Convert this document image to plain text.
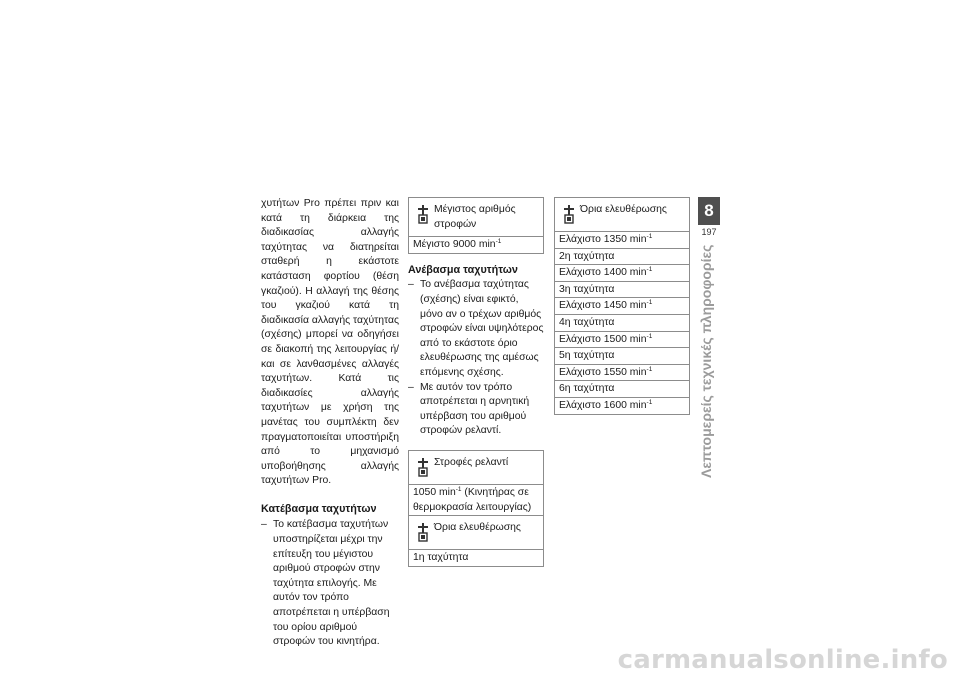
χυτήτων Pro πρέπει πριν και κατά τη διάρκεια της διαδικασίας αλλαγής ταχύτητας να διατηρείται σταθερή η εκάστοτε κατάσταση φορτίου (θέση γκαζιού). Η αλλαγή της θέσης του γκαζιού κατά τη διαδικασία αλλαγής ταχύτητας (σχέσης) μπορεί να οδηγήσει σε διακοπή της λειτουργίας ή/και σε λανθασμένες αλλαγές ταχυτήτων. Κατά τις διαδικασίες αλλαγής ταχυτήτων με χρήση της μανέτας του συμπλέκτη δεν πραγματοποιείται υποστήριξη από το μηχανισμό υποβοήθησης αλλαγής ταχυτήτων Pro.

Κατέβασμα ταχυτήτων
– Το κατέβασμα ταχυτήτων υποστηρίζεται μέχρι την επίτευξη του μέγιστου αριθμού στροφών στην ταχύτητα επιλογής. Με αυτόν τον τρόπο αποτρέπεται η υπέρβαση του ορίου αριθμού στροφών του κινητήρα.
Μέγιστος αριθμός στροφών
Μέγιστο 9000 $\min^{-1}$
Ανέβασμα ταχυτήτων
– Το ανέβασμα ταχύτητας (σχέσης) είναι εφικτό, μόνο αν ο τρέχων αριθμός στροφών είναι υψηλότερος από το εκάστοτε όριο ελευθέρωσης της αμέσως επόμενης σχέσης.
– Με αυτόν τον τρόπο αποτρέπεται η αρνητική υπέρβαση του αριθμού στροφών ρελαντί.
Στροφές ρελαντί
1050 $\min^{-1} (K\iota\nu\eta\tau ή\rho\alpha\varsigma$ σε θερμοκρασία λειτουργίας)
Όρια ελευθέρωσης
1η ταχύτητα
Όρια ελευθέρωσης
Ελάχιστο 1350 $\min^{-1}$
2η ταχύτητα
Ελάχιστο 1400 $\min^{-1}$
3η ταχύτητα
Ελάχιστο 1450 $\min^{-1}$
4η ταχύτητα
Ελάχιστο 1500 $\min^{-1}$
5η ταχύτητα
Ελάχιστο 1550 $\min^{-1}$
6η ταχύτητα
Ελάχιστο 1600 $\min^{-1}$
8
197
Λεπτομερείς τεχνικές πληροφορίες
carmanualsonline.info
